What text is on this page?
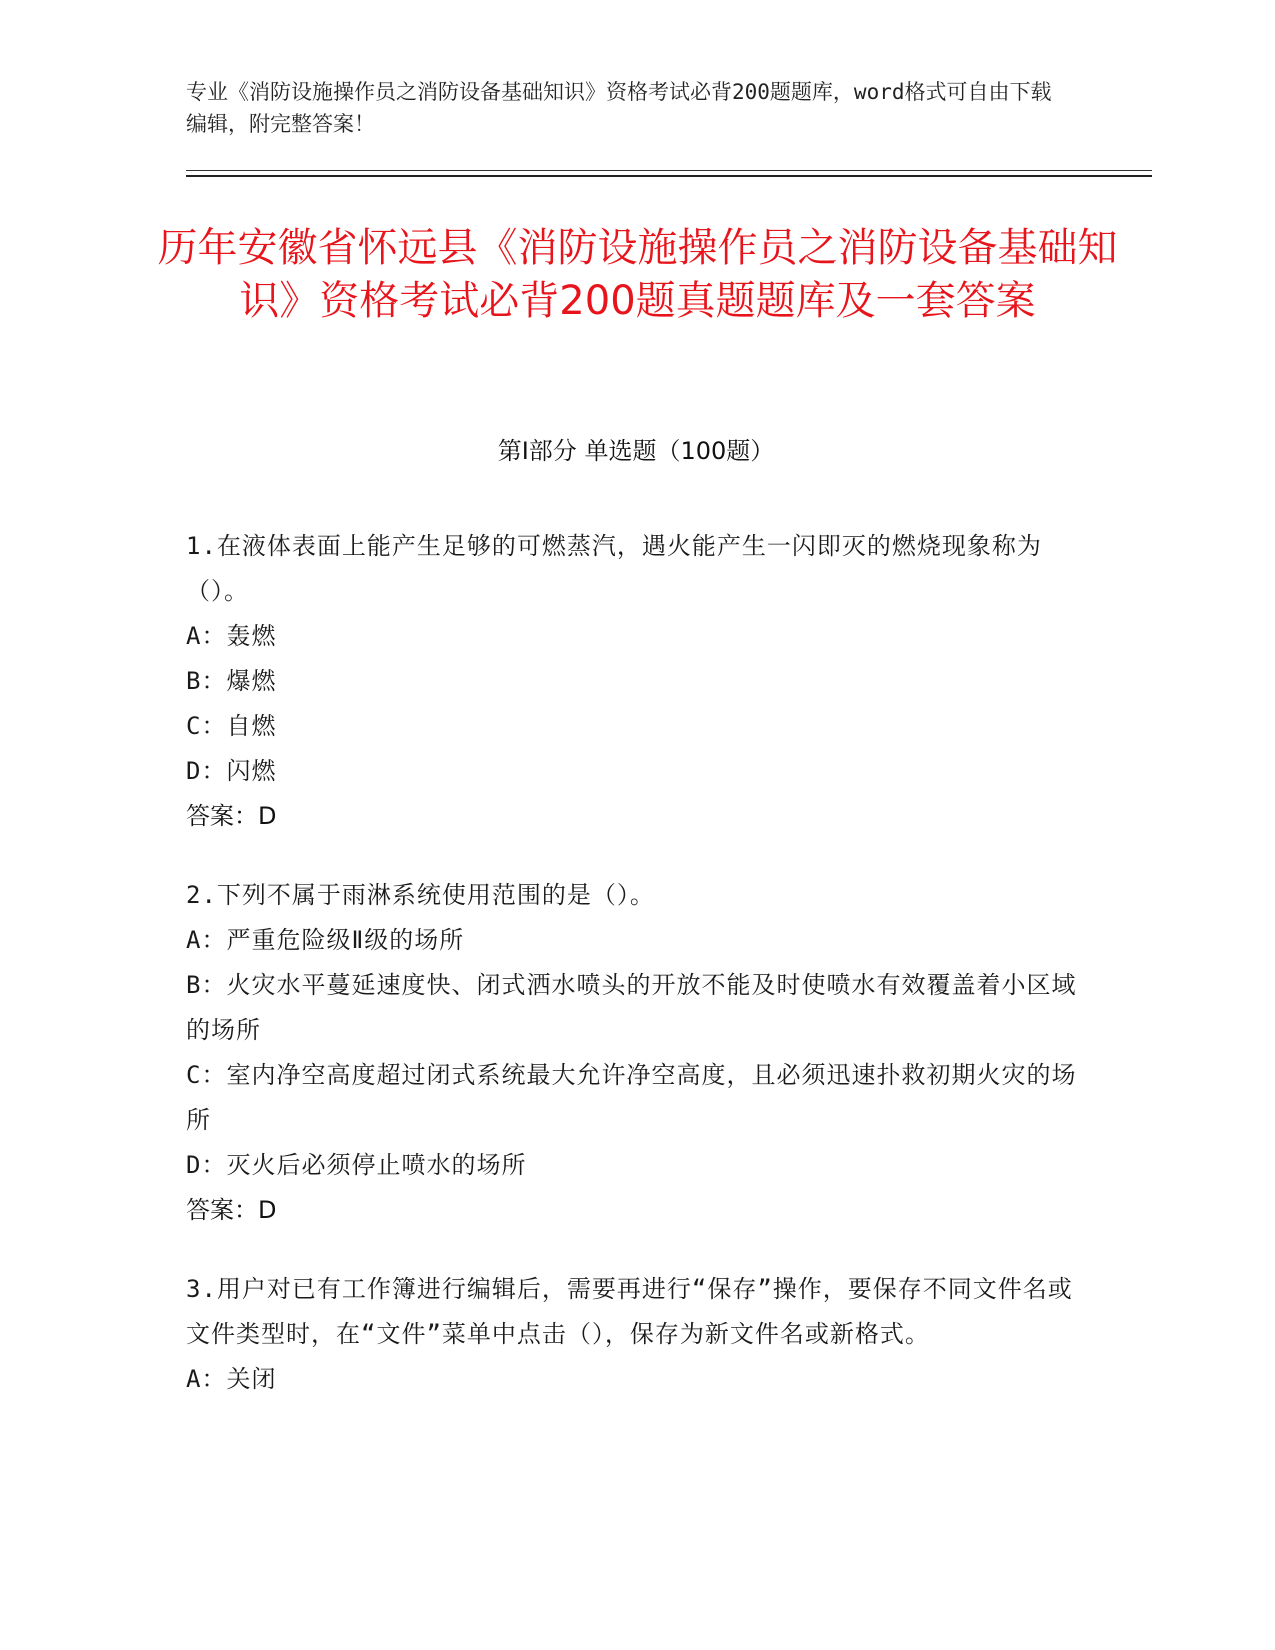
专业《消防设施操作员之消防设备基础知识》资格考试必背200题题库，word格式可自由下载编辑，附完整答案！
历年安徽省怀远县《消防设施操作员之消防设备基础知识》资格考试必背200题真题题库及一套答案
第Ⅰ部分 单选题（100题）
1.在液体表面上能产生足够的可燃蒸汽，遇火能产生一闪即灭的燃烧现象称为（）。
A：轰燃
B：爆燃
C：自燃
D：闪燃
答案：D
2.下列不属于雨淋系统使用范围的是（）。
A：严重危险级Ⅱ级的场所
B：火灾水平蔓延速度快、闭式洒水喷头的开放不能及时使喷水有效覆盖着小区域的场所
C：室内净空高度超过闭式系统最大允许净空高度，且必须迅速扑救初期火灾的场所
D：灭火后必须停止喷水的场所
答案：D
3.用户对已有工作簿进行编辑后，需要再进行“保存”操作，要保存不同文件名或文件类型时，在“文件”菜单中点击（），保存为新文件名或新格式。
A：关闭
